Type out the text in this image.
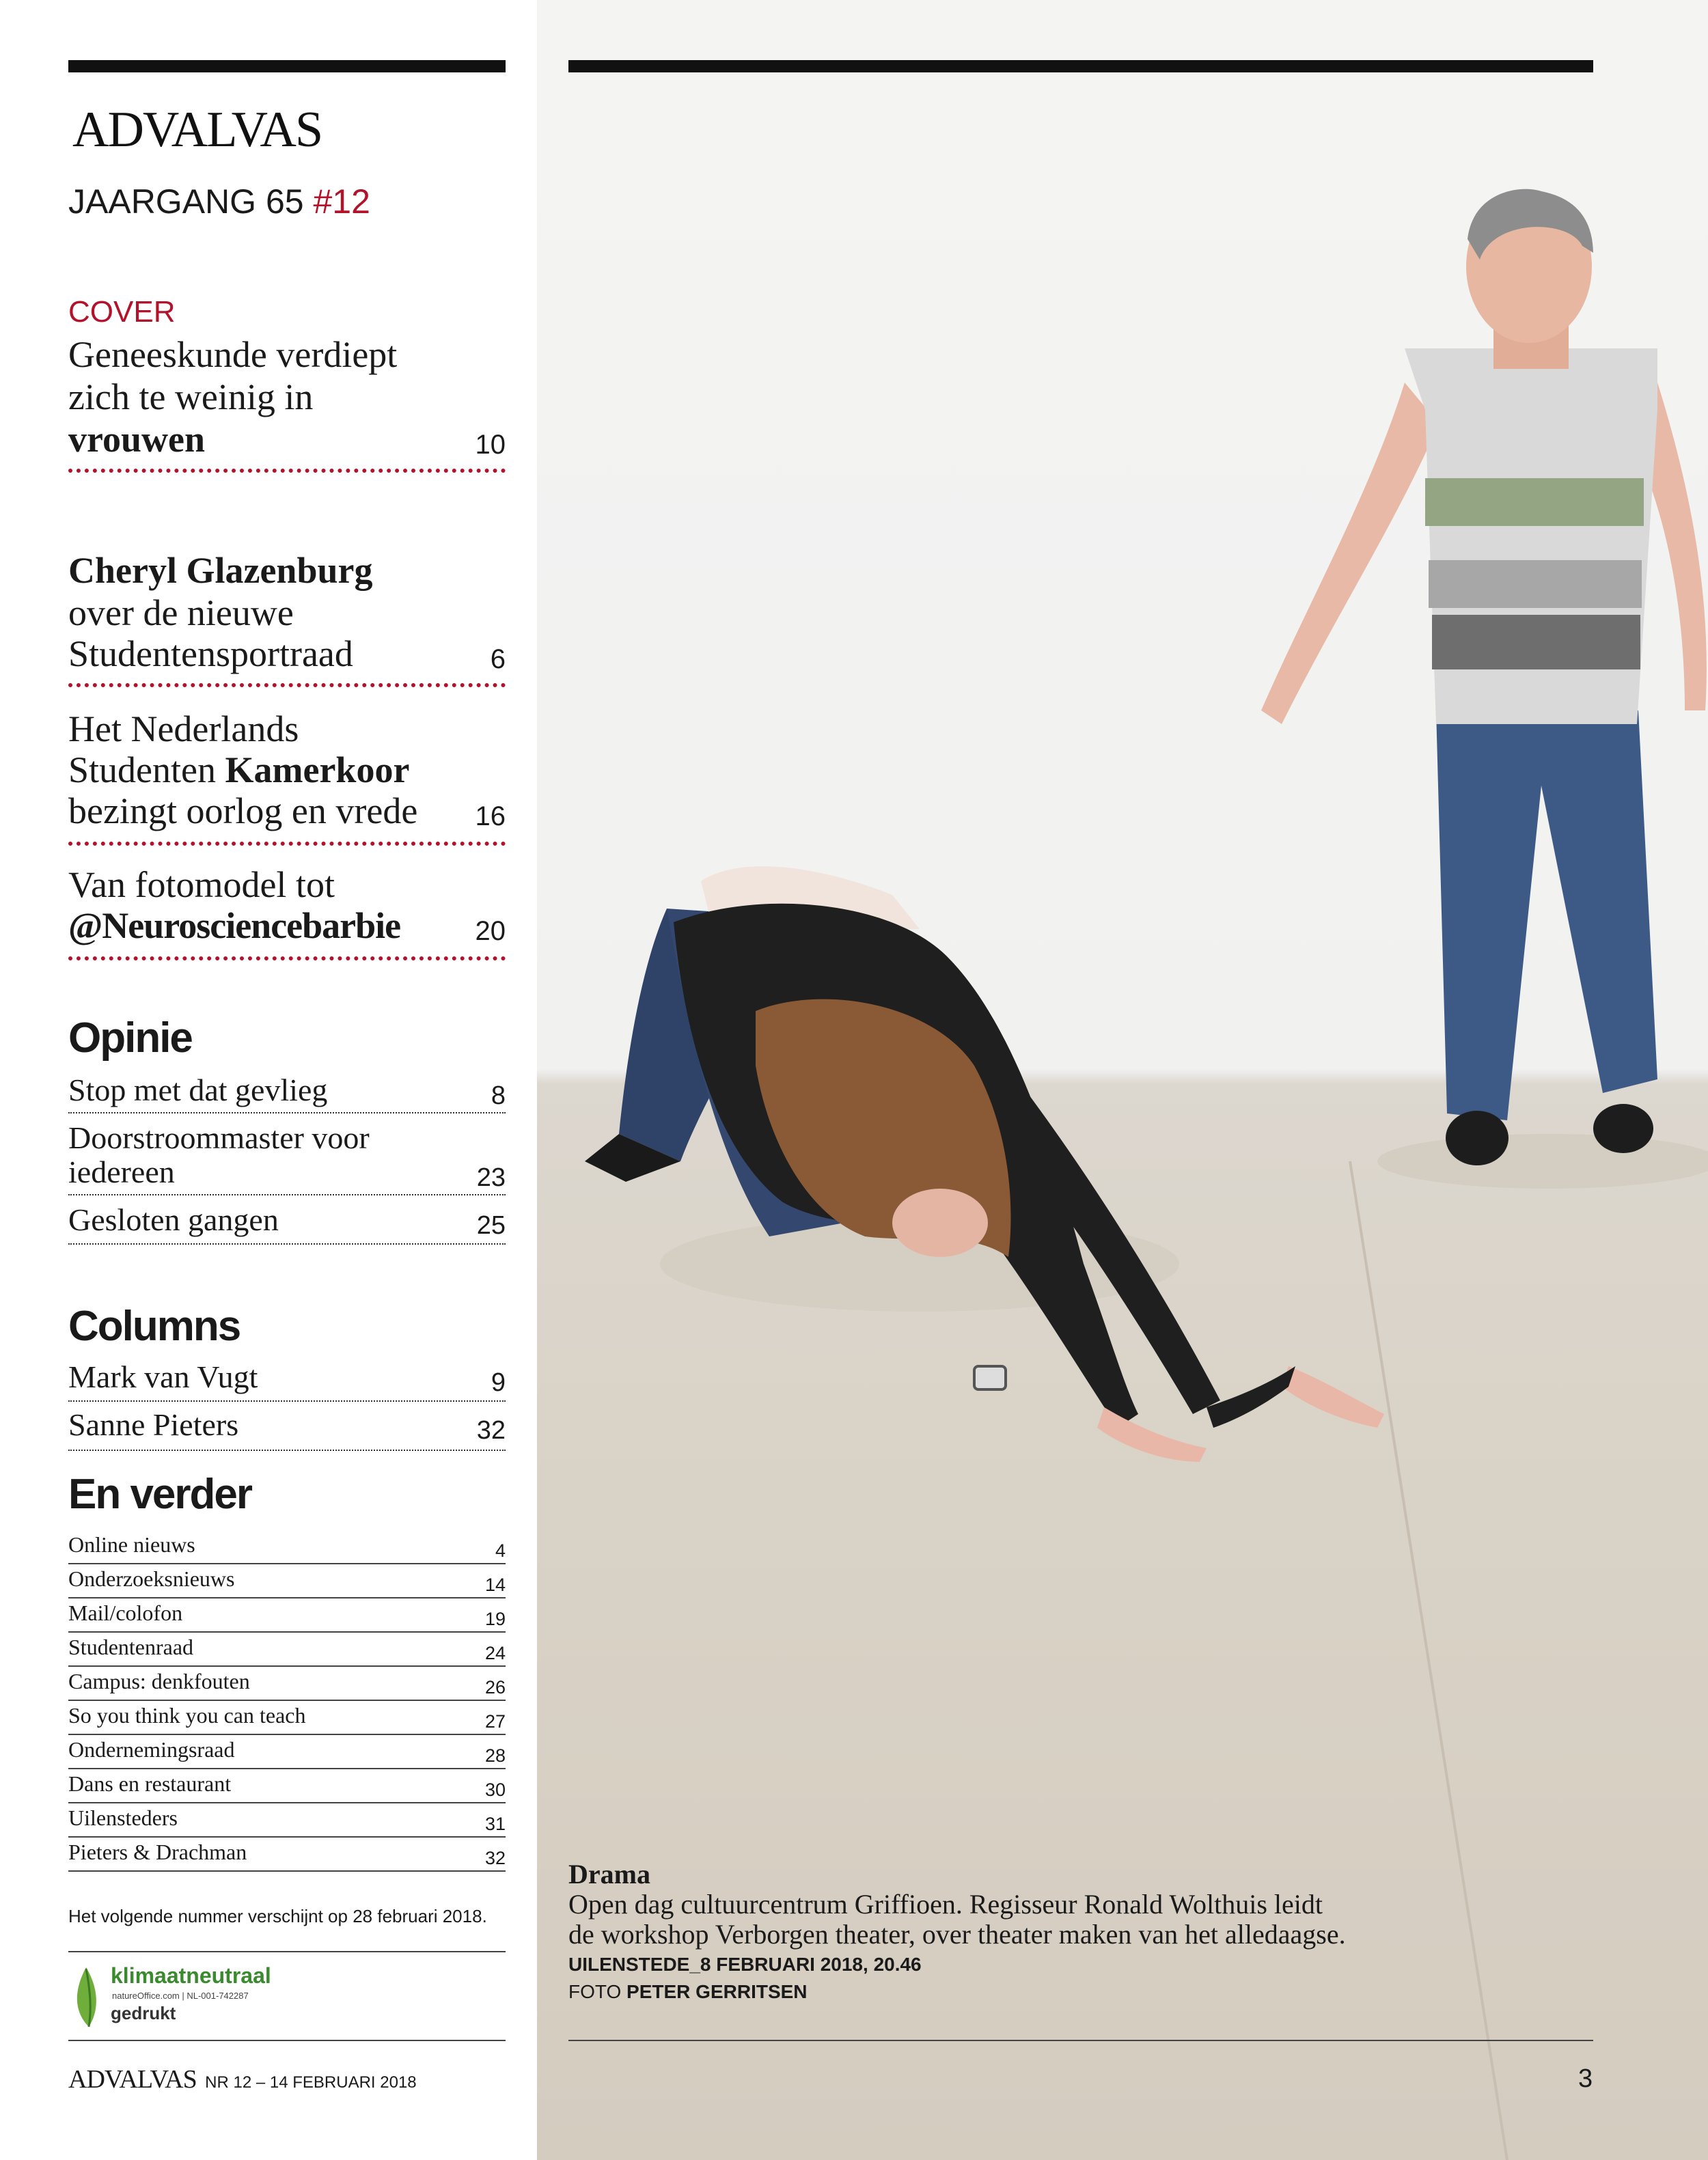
ADVALVAS
JAARGANG 65 #12
COVER
Geneeskunde verdiept
zich te weinig in
vrouwen	10
Cheryl Glazenburg
over de nieuwe
Studentensportraad	6
Het Nederlands
Studenten Kamerkoor
bezingt oorlog en vrede 16
Van fotomodel tot
@Neurosciencebarbie	20
Opinie
Stop met dat gevlieg	8
Doorstroommaster voor
iedereen	23
Gesloten gangen	25
Columns
Mark van Vugt	9
Sanne Pieters	32
En verder
Online nieuws	4
Onderzoeksnieuws	14
Mail/colofon	19
Studentenraad	24
Campus: denkfouten	26
So you think you can teach	27
Ondernemingsraad	28
Dans en restaurant	30
Uilensteders	31
Pieters & Drachman	32
Het volgende nummer verschijnt op 28 februari 2018.
klimaatneutraal
natureOffice.com | NL-001-742287
gedrukt
ADVALVAS NR 12 – 14 FEBRUARI 2018
Drama
Open dag cultuurcentrum Griffioen. Regisseur Ronald Wolthuis leidt
de workshop Verborgen theater, over theater maken van het alledaagse.
UILENSTEDE_8 FEBRUARI 2018, 20.46
FOTO PETER GERRITSEN
3
